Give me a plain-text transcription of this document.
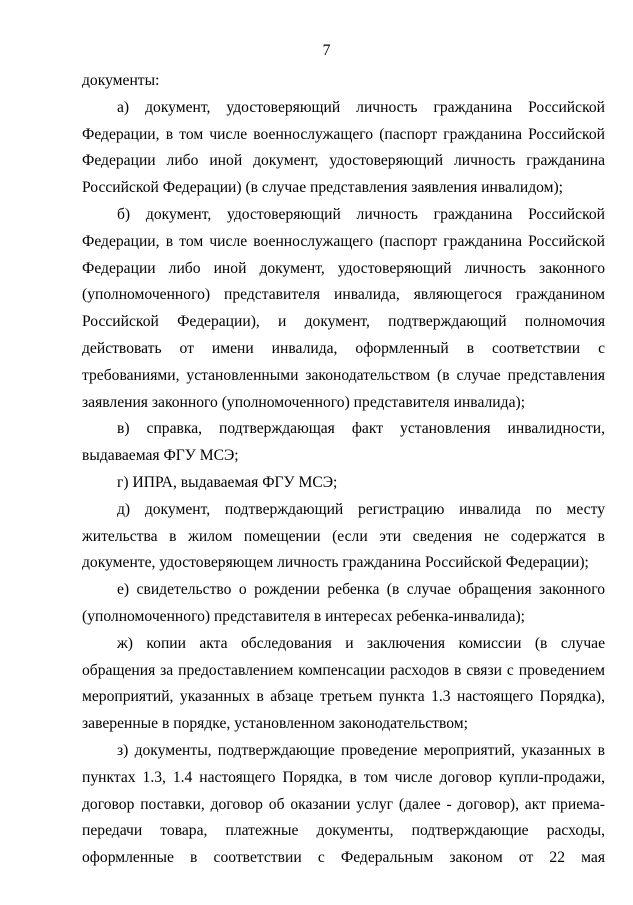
7

документы:

а) документ, удостоверяющий личность гражданина Российской Федерации, в том числе военнослужащего (паспорт гражданина Российской Федерации либо иной документ, удостоверяющий личность гражданина Российской Федерации) (в случае представления заявления инвалидом);

б) документ, удостоверяющий личность гражданина Российской Федерации, в том числе военнослужащего (паспорт гражданина Российской Федерации либо иной документ, удостоверяющий личность законного (уполномоченного) представителя инвалида, являющегося гражданином Российской Федерации), и документ, подтверждающий полномочия действовать от имени инвалида, оформленный в соответствии с требованиями, установленными законодательством (в случае представления заявления законного (уполномоченного) представителя инвалида);

в) справка, подтверждающая факт установления инвалидности, выдаваемая ФГУ МСЭ;

г) ИПРА, выдаваемая ФГУ МСЭ;

д) документ, подтверждающий регистрацию инвалида по месту жительства в жилом помещении (если эти сведения не содержатся в документе, удостоверяющем личность гражданина Российской Федерации);

е) свидетельство о рождении ребенка (в случае обращения законного (уполномоченного) представителя в интересах ребенка-инвалида);

ж) копии акта обследования и заключения комиссии (в случае обращения за предоставлением компенсации расходов в связи с проведением мероприятий, указанных в абзаце третьем пункта 1.3 настоящего Порядка), заверенные в порядке, установленном законодательством;

з) документы, подтверждающие проведение мероприятий, указанных в пунктах 1.3, 1.4 настоящего Порядка, в том числе договор купли-продажи, договор поставки, договор об оказании услуг (далее - договор), акт приема-передачи товара, платежные документы, подтверждающие расходы, оформленные в соответствии с Федеральным законом от 22 мая
